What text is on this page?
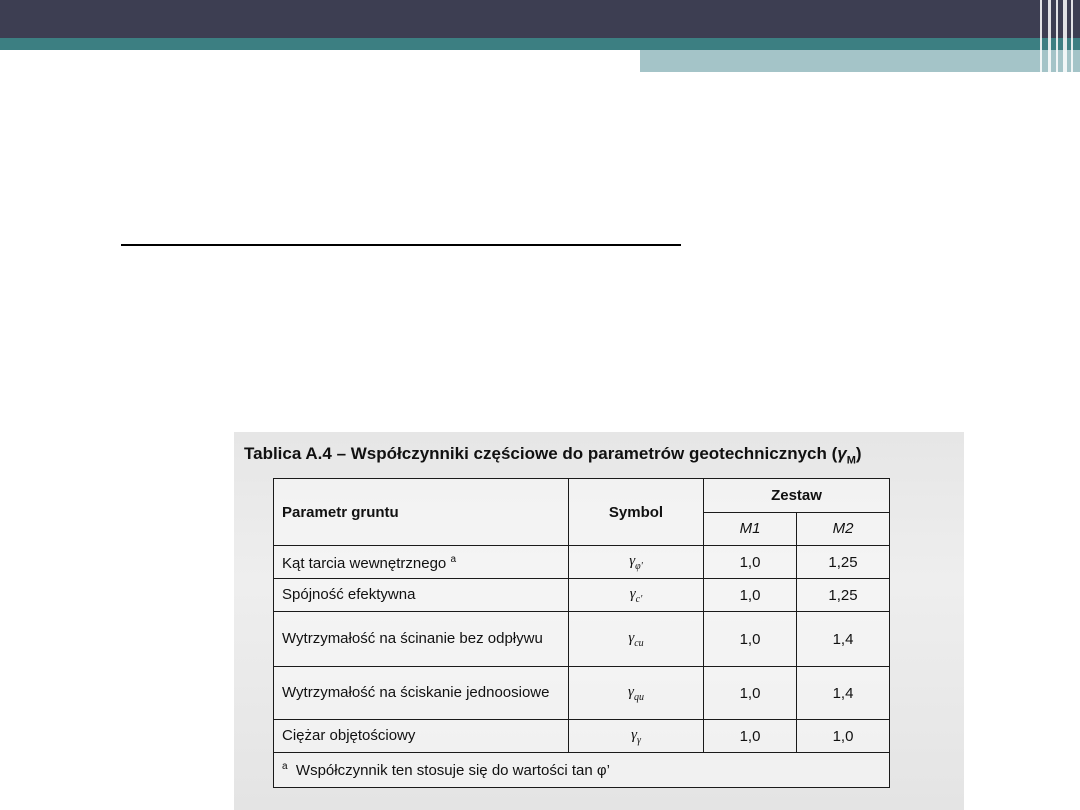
Tablica A.4 – Współczynniki częściowe do parametrów geotechnicznych $(\gamma_M)$
Parametr gruntu	Symbol	Zestaw	
		M1	M2
Kąt tarcia wewnętrznego $^a$	$\gamma_{\varphi'}$	1,0	1,25
Spójność efektywna	$\gamma_{c'}$	1,0	1,25
Wytrzymałość na ścinanie bez odpływu	$\gamma_{cu}$	1,0	1,4
Wytrzymałość na ściskanie jednoosiowe	$\gamma_{qu}$	1,0	1,4
Ciężar objętościowy	$\gamma_\gamma$	1,0	1,0
$^a$ Współczynnik ten stosuje się do wartości tan φ’			
